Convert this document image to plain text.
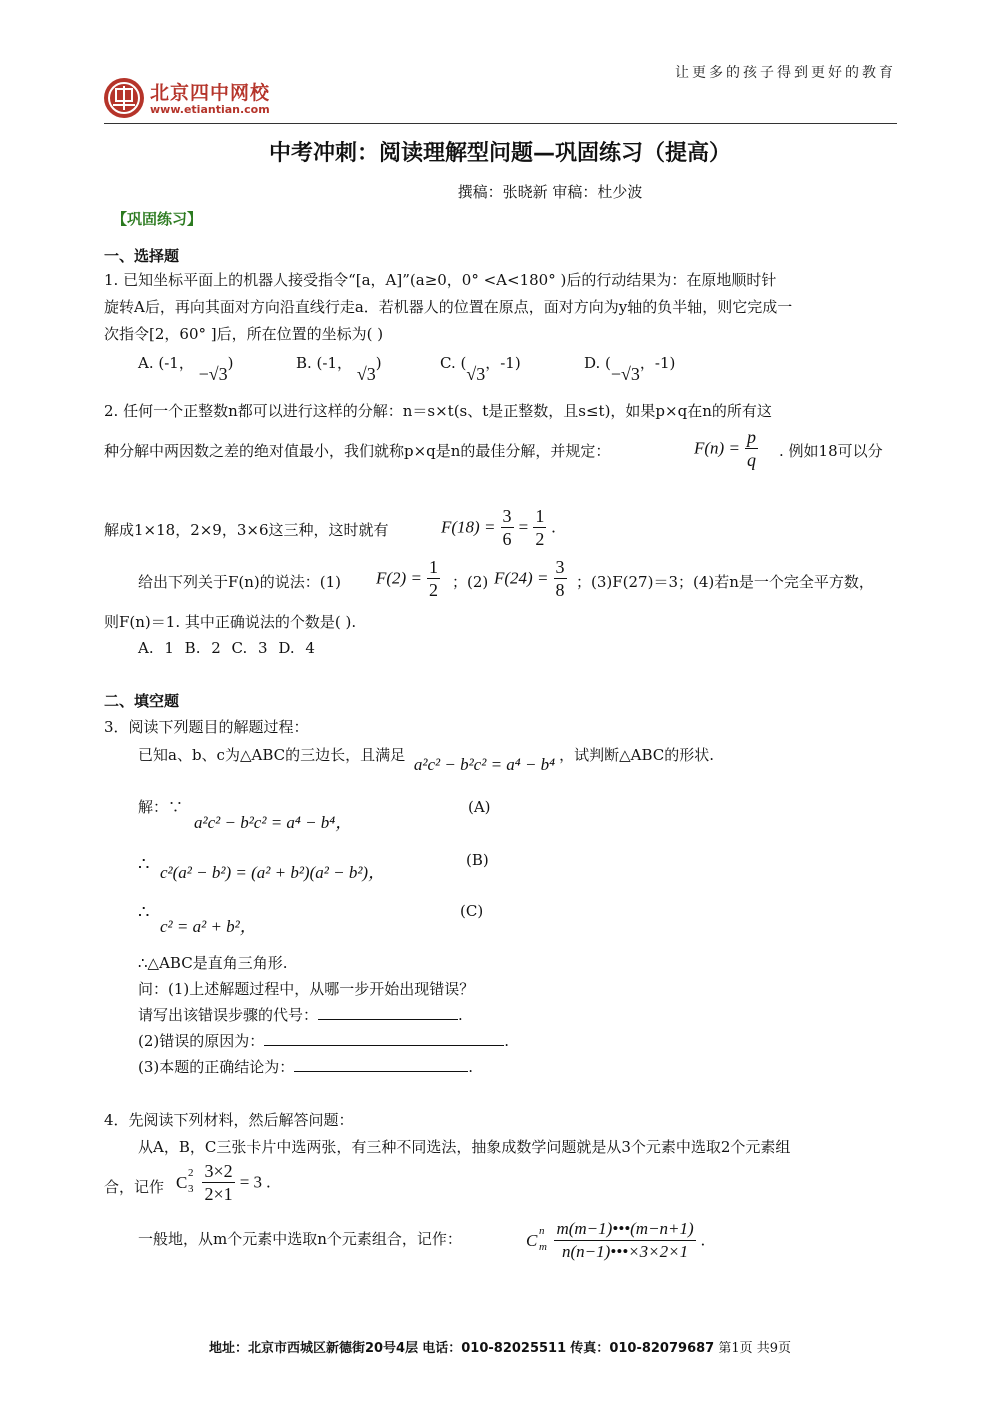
让更多的孩子得到更好的教育
北京四中网校
www.etiantian.com
中考冲刺：阅读理解型问题—巩固练习（提高）
撰稿：张晓新 审稿：杜少波
【巩固练习】
一、选择题
1. 已知坐标平面上的机器人接受指令“[a，A]”(a≥0，0° <A<180° )后的行动结果为：在原地顺时针
旋转A后，再向其面对方向沿直线行走a．若机器人的位置在原点，面对方向为y轴的负半轴，则它完成一
次指令[2，60° ]后，所在位置的坐标为( )
A. (-1， −√3)	B. (-1， √3)	C. (√3，-1)	D. (−√3，-1)
2. 任何一个正整数n都可以进行这样的分解：n＝s×t(s、t是正整数，且s≤t)，如果p×q在n的所有这
种分解中两因数之差的绝对值最小，我们就称p×q是n的最佳分解，并规定：	$F(n) = \frac{p}{q}$ . 例如18可以分
解成1×18，2×9，3×6这三种，这时就有	$F(18) = \frac{3}{6} = \frac{1}{2}$ .
给出下列关于F(n)的说法：(1) $F(2) = \frac{1}{2}$ ；(2) $F(24) = \frac{3}{8}$ ；(3)F(27)＝3；(4)若n是一个完全平方数，
则F(n)＝1. 其中正确说法的个数是( ).
A. 1 B. 2 C. 3 D. 4
二、填空题
3．阅读下列题目的解题过程：
已知a、b、c为△ABC的三边长，且满足 a²c² − b²c² = a⁴ − b⁴ ，试判断△ABC的形状.
解：∵
a²c² − b²c² = a⁴ − b⁴，
(A)
∴ c²(a² − b²) = (a² + b²)(a² − b²)，
(B)
∴
c² = a² + b²，
(C)
∴△ABC是直角三角形.
问：(1)上述解题过程中，从哪一步开始出现错误？
请写出该错误步骤的代号：	.
(2)错误的原因为：	.
(3)本题的正确结论为：	.
4．先阅读下列材料，然后解答问题：
从A，B，C三张卡片中选两张，有三种不同选法，抽象成数学问题就是从3个元素中选取2个元素组
合，记作 C 2
3
$\frac{3\times 2}{2\times 1} = 3$ .
一般地，从m个元素中选取n个元素组合，记作：	C n
m
$\frac{m(m-1)•••(m-n+1)}{n(n-1)•••\times 3\times 2\times 1}$ .
地址：北京市西城区新德街20号4层 电话：010-82025511 传真：010-82079687 第1页 共9页
